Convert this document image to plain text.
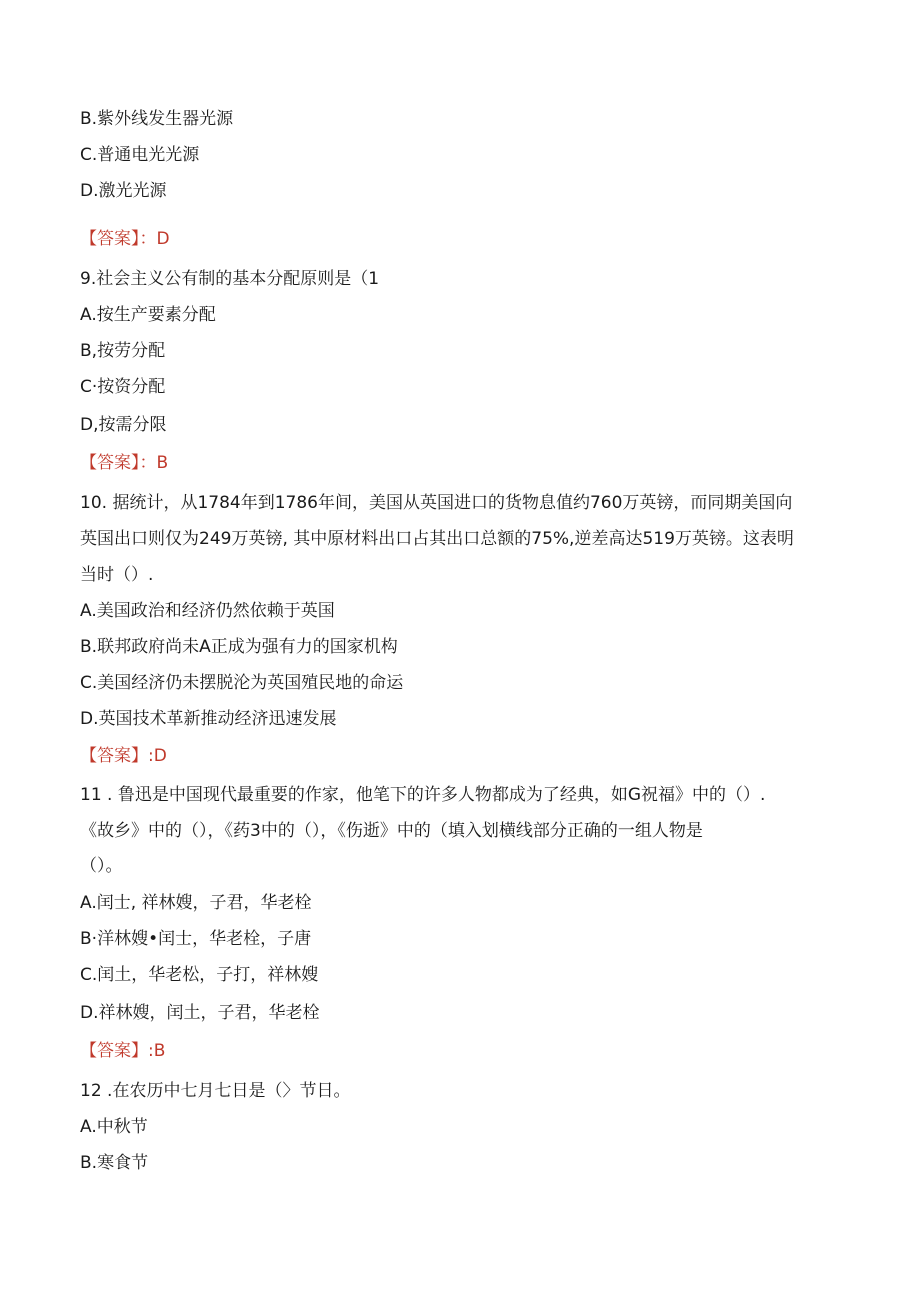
B.紫外线发生器光源
C.普通电光光源
D.激光光源
【答案】：D
9.社会主义公有制的基本分配原则是（1
A.按生产要素分配
B,按劳分配
C·按资分配
D,按需分限
【答案】：B
10. 据统计，从1784年到1786年间，美国从英国进口的货物息值约760万英镑，而同期美国向
英国出口则仅为249万英镑, 其中原材料出口占其出口总额的75%,逆差高达519万英镑。这表明
当时（）.
A.美国政治和经济仍然依赖于英国
B.联邦政府尚未A正成为强有力的国家机构
C.美国经济仍未摆脱沦为英国殖民地的命运
D.英国技术革新推动经济迅速发展
【答案】:D
11 . 鲁迅是中国现代最重要的作家，他笔下的许多人物都成为了经典，如G祝福》中的（）.
《故乡》中的（），《药3中的（），《伤逝》中的（填入划横线部分正确的一组人物是
（）。
A.闰士, 祥林嫂，子君，华老栓
B·洋林嫂•闰士，华老栓，子唐
C.闰土，华老松，子打，祥林嫂
D.祥林嫂，闰土，子君，华老栓
【答案】:B
12 .在农历中七月七日是（〉节日。
A.中秋节
B.寒食节
